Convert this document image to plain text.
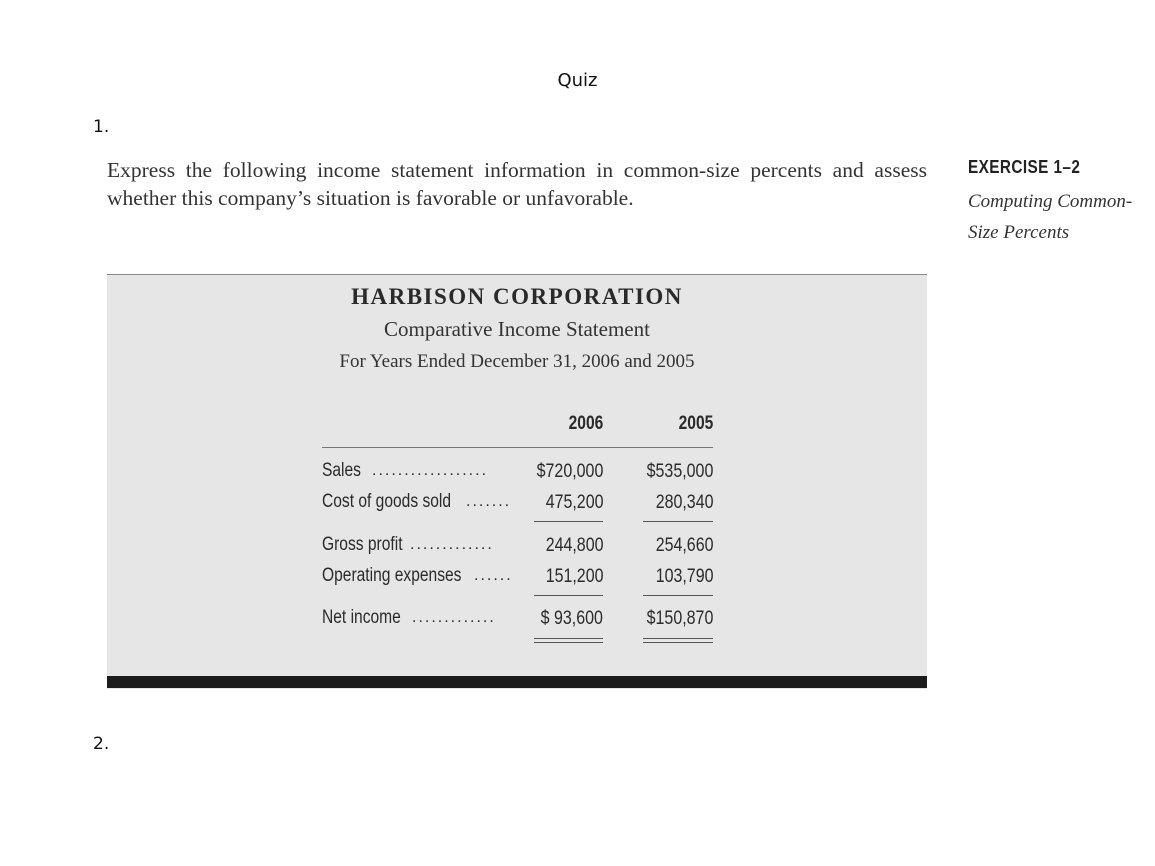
Quiz
1.
Express the following income statement information in common-size percents and assess whether this company’s situation is favorable or unfavorable.
EXERCISE 1–2
Computing Common-Size Percents
HARBISON CORPORATION
Comparative Income Statement
For Years Ended December 31, 2006 and 2005
2006	2005
Sales ..................	$720,000	$535,000
Cost of goods sold .......	475,200	280,340
Gross profit .............	244,800	254,660
Operating expenses ......	151,200	103,790
Net income .............	$ 93,600	$150,870
2.
